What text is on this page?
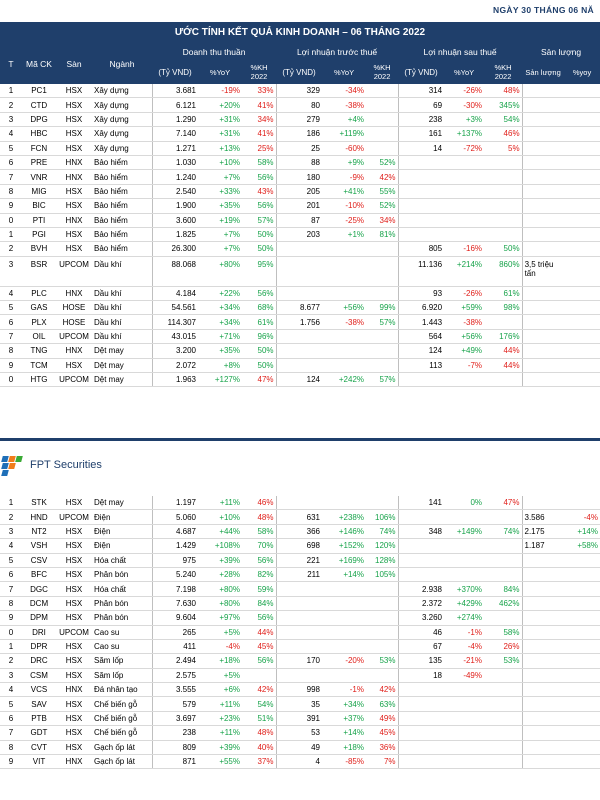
NGÀY 30 THÁNG 06 NĂ
ƯỚC TÍNH KẾT QUẢ KINH DOANH – 06 THÁNG 2022
T	Mã CK	Sàn	Ngành	Doanh thu thuần			Lợi nhuận trước thuế			Lợi nhuận sau thuế			Sản lượng	
				(Tỷ VND)	%YoY	%KH 2022	(Tỷ VND)	%YoY	%KH 2022	(Tỷ VND)	%YoY	%KH 2022	Sản lượng	%yoy
1	PC1	HSX	Xây dựng	3.681	-19%	33%	329	-34%		314	-26%	48%		
2	CTD	HSX	Xây dựng	6.121	+20%	41%	80	-38%		69	-30%	345%		
3	DPG	HSX	Xây dựng	1.290	+31%	34%	279	+4%		238	+3%	54%		
4	HBC	HSX	Xây dựng	7.140	+31%	41%	186	+119%		161	+137%	46%		
5	FCN	HSX	Xây dựng	1.271	+13%	25%	25	-60%		14	-72%	5%		
6	PRE	HNX	Bảo hiểm	1.030	+10%	58%	88	+9%	52%					
7	VNR	HNX	Bảo hiểm	1.240	+7%	56%	180	-9%	42%					
8	MIG	HSX	Bảo hiểm	2.540	+33%	43%	205	+41%	55%					
9	BIC	HSX	Bảo hiểm	1.900	+35%	56%	201	-10%	52%					
0	PTI	HNX	Bảo hiểm	3.600	+19%	57%	87	-25%	34%					
1	PGI	HSX	Bảo hiểm	1.825	+7%	50%	203	+1%	81%					
2	BVH	HSX	Bảo hiểm	26.300	+7%	50%				805	-16%	50%		
3	BSR	UPCOM	Dầu khí	88.068	+80%	95%				11.136	+214%	860%	3,5 triệu tấn	
4	PLC	HNX	Dầu khí	4.184	+22%	56%				93	-26%	61%		
5	GAS	HOSE	Dầu khí	54.561	+34%	68%	8.677	+56%	99%	6.920	+59%	98%		
6	PLX	HOSE	Dầu khí	114.307	+34%	61%	1.756	-38%	57%	1.443	-38%			
7	OIL	UPCOM	Dầu khí	43.015	+71%	96%				564	+56%	176%		
8	TNG	HNX	Dệt may	3.200	+35%	50%				124	+49%	44%		
9	TCM	HSX	Dệt may	2.072	+8%	50%				113	-7%	44%		
0	HTG	UPCOM	Dệt may	1.963	+127%	47%	124	+242%	57%					
FPT Securities
1	STK	HSX	Dệt may	1.197	+11%	46%				141	0%	47%		
2	HND	UPCOM	Điện	5.060	+10%	48%	631	+238%	106%				3.586	-4%
3	NT2	HSX	Điện	4.687	+44%	58%	366	+146%	74%	348	+149%	74%	2.175	+14%
4	VSH	HSX	Điện	1.429	+108%	70%	698	+152%	120%				1.187	+58%
5	CSV	HSX	Hóa chất	975	+39%	56%	221	+169%	128%					
6	BFC	HSX	Phân bón	5.240	+28%	82%	211	+14%	105%					
7	DGC	HSX	Hóa chất	7.198	+80%	59%				2.938	+370%	84%		
8	DCM	HSX	Phân bón	7.630	+80%	84%				2.372	+429%	462%		
9	DPM	HSX	Phân bón	9.604	+97%	56%				3.260	+274%			
0	DRI	UPCOM	Cao su	265	+5%	44%				46	-1%	58%		
1	DPR	HSX	Cao su	411	-4%	45%				67	-4%	26%		
2	DRC	HSX	Săm lốp	2.494	+18%	56%	170	-20%	53%	135	-21%	53%		
3	CSM	HSX	Săm lốp	2.575	+5%					18	-49%			
4	VCS	HNX	Đá nhân tạo	3.555	+6%	42%	998	-1%	42%					
5	SAV	HSX	Chế biến gỗ	579	+11%	54%	35	+34%	63%					
6	PTB	HSX	Chế biến gỗ	3.697	+23%	51%	391	+37%	49%					
7	GDT	HSX	Chế biến gỗ	238	+11%	48%	53	+14%	45%					
8	CVT	HSX	Gạch ốp lát	809	+39%	40%	49	+18%	36%					
9	VIT	HNX	Gạch ốp lát	871	+55%	37%	4	-85%	7%					
